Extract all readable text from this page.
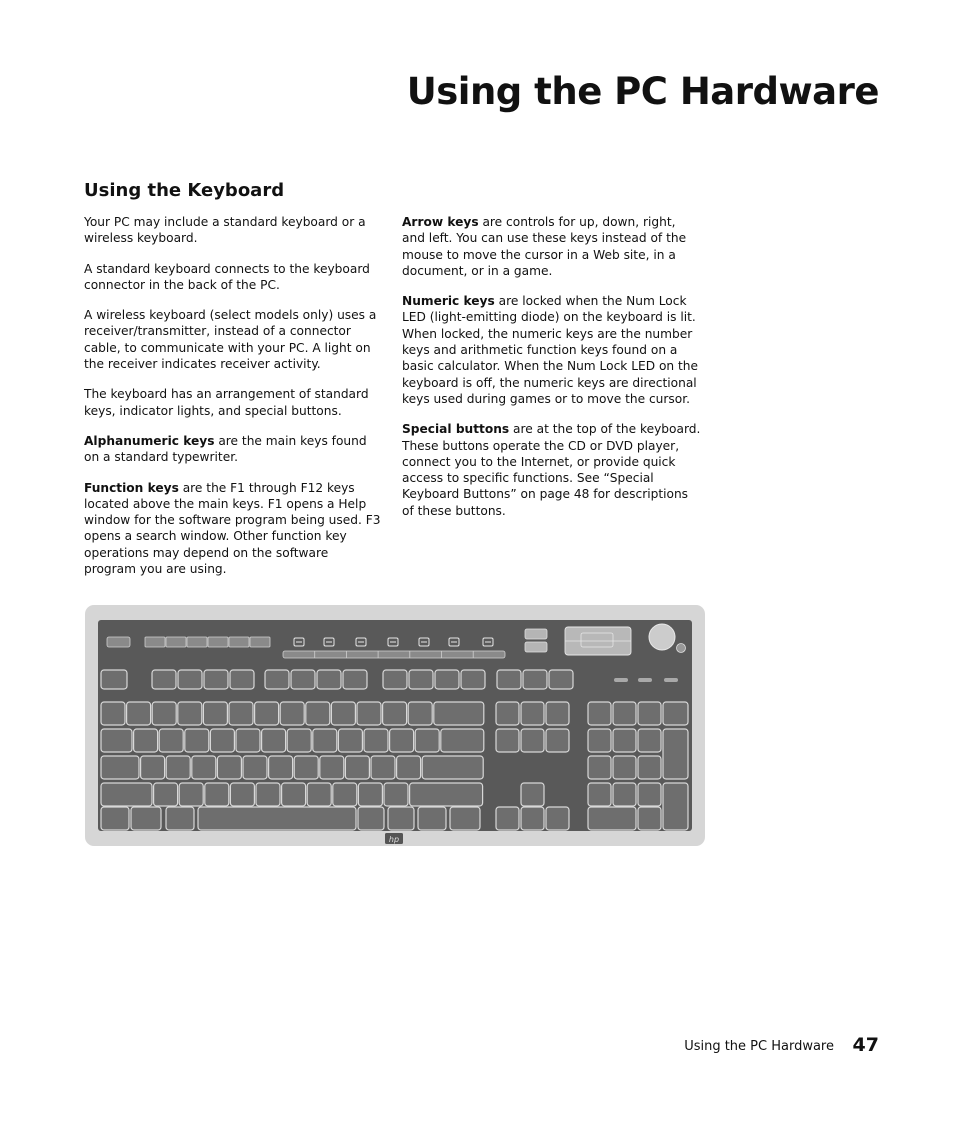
Using the PC Hardware
Using the Keyboard

Your PC may include a standard keyboard or a wireless keyboard.

A standard keyboard connects to the keyboard connector in the back of the PC.

A wireless keyboard (select models only) uses a receiver/transmitter, instead of a connector cable, to communicate with your PC. A light on the receiver indicates receiver activity.

The keyboard has an arrangement of standard keys, indicator lights, and special buttons.

Alphanumeric keys are the main keys found on a standard typewriter.

Function keys are the F1 through F12 keys located above the main keys. F1 opens a Help window for the software program being used. F3 opens a search window. Other function key operations may depend on the software program you are using.

Arrow keys are controls for up, down, right, and left. You can use these keys instead of the mouse to move the cursor in a Web site, in a document, or in a game.

Numeric keys are locked when the Num Lock LED (light-emitting diode) on the keyboard is lit. When locked, the numeric keys are the number keys and arithmetic function keys found on a basic calculator. When the Num Lock LED on the keyboard is off, the numeric keys are directional keys used during games or to move the cursor.

Special buttons are at the top of the keyboard. These buttons operate the CD or DVD player, connect you to the Internet, or provide quick access to specific functions. See “Special Keyboard Buttons” on page 48 for descriptions of these buttons.

hp
Using the PC Hardware 47
